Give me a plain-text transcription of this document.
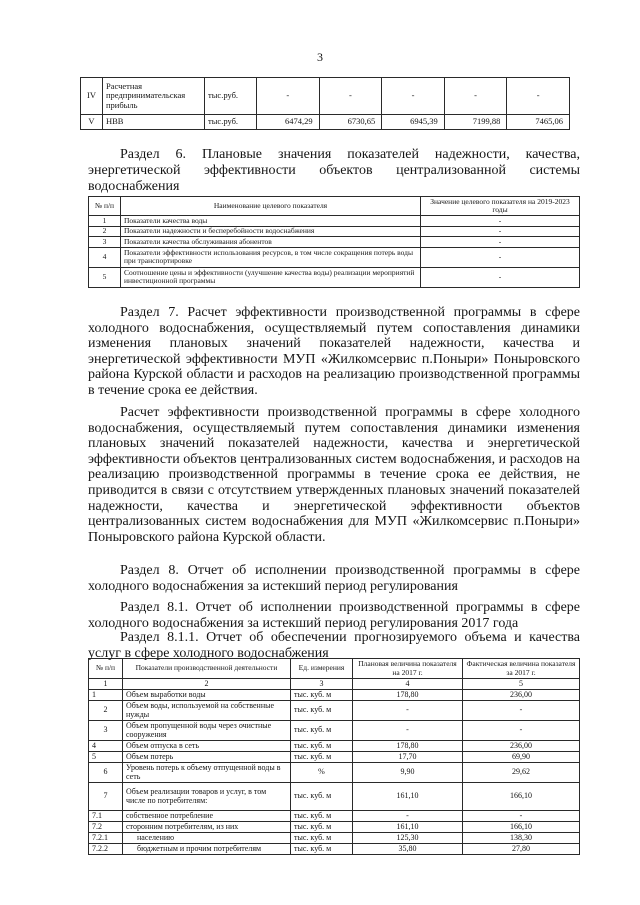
3
IV	Расчетная предпринимательская прибыль	тыс.руб.	-	-	-	-	-
V	НВВ	тыс.руб.	6474,29	6730,65	6945,39	7199,88	7465,06
Раздел 6. Плановые значения показателей надежности, качества, энергетической эффективности объектов централизованной системы водоснабжения
№ п/п	Наименование целевого показателя	Значение целевого показателя на 2019-2023 годы
1	Показатели качества воды	-
2	Показатели надежности и бесперебойности водоснабжения	-
3	Показатели качества обслуживания абонентов	-
4	Показатели эффективности использования ресурсов, в том числе сокращения потерь воды при транспортировке	-
5	Соотношение цены и эффективности (улучшение качества воды) реализации мероприятий инвестиционной программы	-
Раздел 7. Расчет эффективности производственной программы в сфере холодного водоснабжения, осуществляемый путем сопоставления динамики изменения плановых значений показателей надежности, качества и энергетической эффективности МУП «Жилкомсервис п.Поныри» Поныровского района Курской области и расходов на реализацию производственной программы в течение срока ее действия.
Расчет эффективности производственной программы в сфере холодного водоснабжения, осуществляемый путем сопоставления динамики изменения плановых значений показателей надежности, качества и энергетической эффективности объектов централизованных систем водоснабжения, и расходов на реализацию производственной программы в течение срока ее действия, не приводится в связи с отсутствием утвержденных плановых значений показателей надежности, качества и энергетической эффективности объектов централизованных систем водоснабжения для МУП «Жилкомсервис п.Поныри» Поныровского района Курской области.
Раздел 8. Отчет об исполнении производственной программы в сфере холодного водоснабжения за истекший период регулирования
Раздел 8.1. Отчет об исполнении производственной программы в сфере холодного водоснабжения за истекший период регулирования 2017 года
Раздел 8.1.1. Отчет об обеспечении прогнозируемого объема и качества услуг в сфере холодного водоснабжения
№ п/п	Показатели производственной деятельности	Ед. измерения	Плановая величина показателя на 2017 г.	Фактическая величина показателя за 2017 г.
1	2	3	4	5
1	Объем выработки воды	тыс. куб. м	178,80	236,00
2	Объем воды, используемой на собственные нужды	тыс. куб. м	-	-
3	Объем пропущенной воды через очистные сооружения	тыс. куб. м	-	-
4	Объем отпуска в сеть	тыс. куб. м	178,80	236,00
5	Объем потерь	тыс. куб. м	17,70	69,90
6	Уровень потерь к объему отпущенной воды в сеть	%	9,90	29,62
7	Объем реализации товаров и услуг, в том числе по потребителям:	тыс. куб. м	161,10	166,10
7.1	собственное потребление	тыс. куб. м	-	-
7.2	сторонним потребителям, из них	тыс. куб. м	161,10	166,10
7.2.1	населению	тыс. куб. м	125,30	138,30
7.2.2	бюджетным и прочим потребителям	тыс. куб. м	35,80	27,80
